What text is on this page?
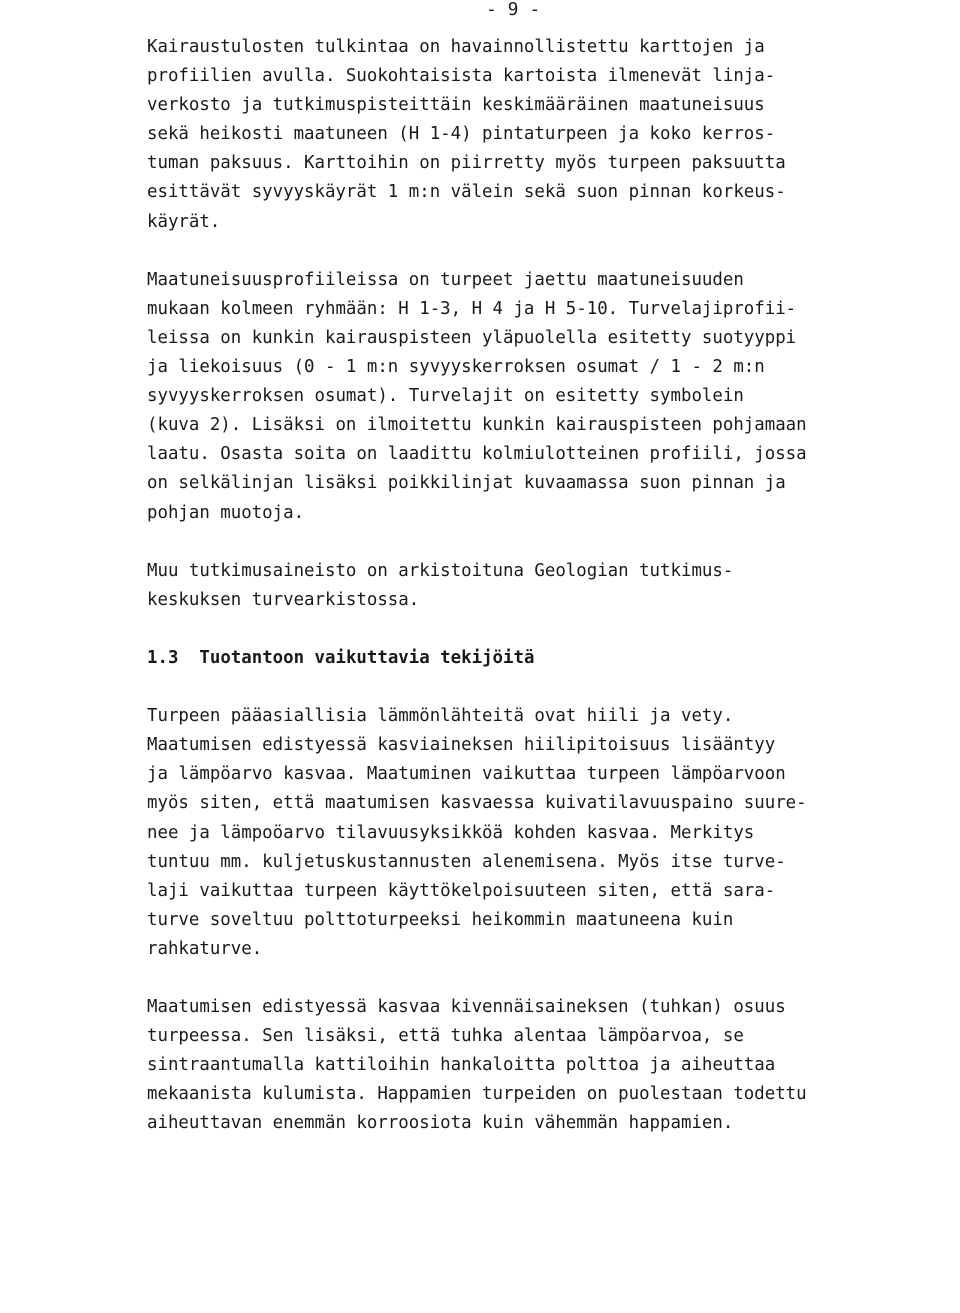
- 9 -

Kairaustulosten tulkintaa on havainnollistettu karttojen ja
profiilien avulla. Suokohtaisista kartoista ilmenevät linja-
verkosto ja tutkimuspisteittäin keskimääräinen maatuneisuus
sekä heikosti maatuneen (H 1-4) pintaturpeen ja koko kerros-
tuman paksuus. Karttoihin on piirretty myös turpeen paksuutta
esittävät syvyyskäyrät 1 m:n välein sekä suon pinnan korkeus-
käyrät.

Maatuneisuusprofiileissa on turpeet jaettu maatuneisuuden
mukaan kolmeen ryhmään: H 1-3, H 4 ja H 5-10. Turvelajiprofii-
leissa on kunkin kairauspisteen yläpuolella esitetty suotyyppi
ja liekoisuus (0 - 1 m:n syvyyskerroksen osumat / 1 - 2 m:n
syvyyskerroksen osumat). Turvelajit on esitetty symbolein
(kuva 2). Lisäksi on ilmoitettu kunkin kairauspisteen pohjamaan
laatu. Osasta soita on laadittu kolmiulotteinen profiili, jossa
on selkälinjan lisäksi poikkilinjat kuvaamassa suon pinnan ja
pohjan muotoja.

Muu tutkimusaineisto on arkistoituna Geologian tutkimus-
keskuksen turvearkistossa.

1.3 Tuotantoon vaikuttavia tekijöitä

Turpeen pääasiallisia lämmönlähteitä ovat hiili ja vety.
Maatumisen edistyessä kasviaineksen hiilipitoisuus lisääntyy
ja lämpöarvo kasvaa. Maatuminen vaikuttaa turpeen lämpöarvoon
myös siten, että maatumisen kasvaessa kuivatilavuuspaino suure-
nee ja lämpoöarvo tilavuusyksikköä kohden kasvaa. Merkitys
tuntuu mm. kuljetuskustannusten alenemisena. Myös itse turve-
laji vaikuttaa turpeen käyttökelpoisuuteen siten, että sara-
turve soveltuu polttoturpeeksi heikommin maatuneena kuin
rahkaturve.

Maatumisen edistyessä kasvaa kivennäisaineksen (tuhkan) osuus
turpeessa. Sen lisäksi, että tuhka alentaa lämpöarvoa, se
sintraantumalla kattiloihin hankaloitta polttoa ja aiheuttaa
mekaanista kulumista. Happamien turpeiden on puolestaan todettu
aiheuttavan enemmän korroosiota kuin vähemmän happamien.
